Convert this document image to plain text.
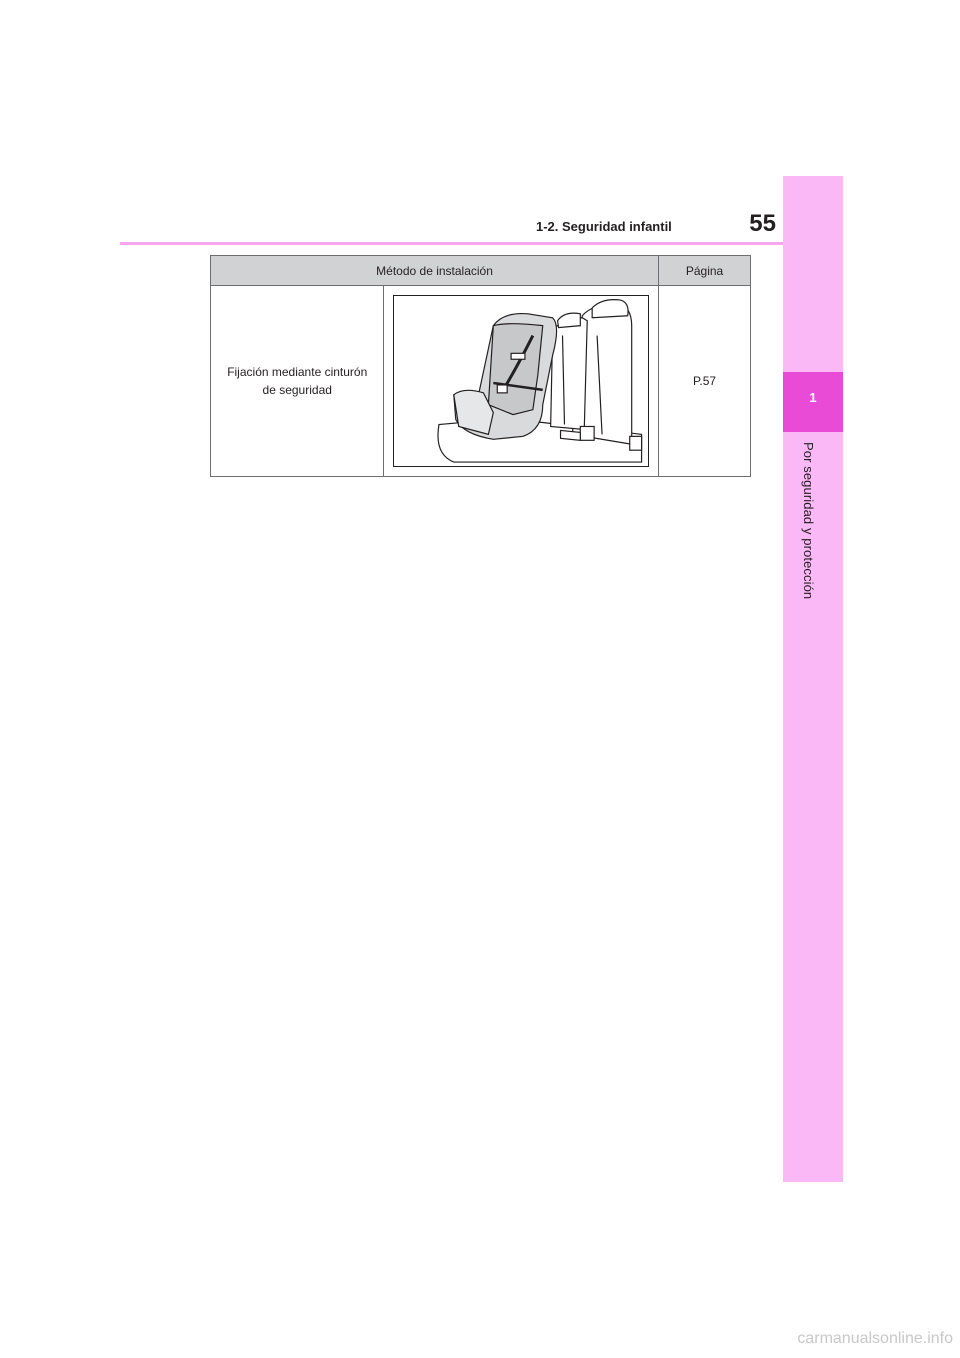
1
Por seguridad y protección
1-2. Seguridad infantil	55
Método de instalación		Página

Fijación mediante cinturón
de seguridad		P.57
carmanualsonline.info
